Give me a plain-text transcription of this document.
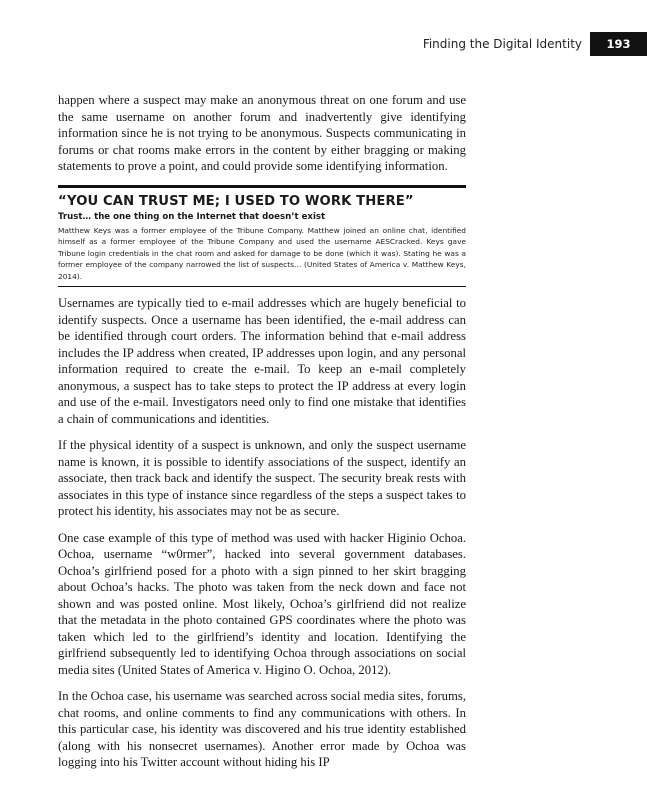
Finding the Digital Identity	193

happen where a suspect may make an anonymous threat on one forum and use the same username on another forum and inadvertently give identifying information since he is not trying to be anonymous. Suspects communicating in forums or chat rooms make errors in the content by either bragging or making statements to prove a point, and could provide some identifying information.

“YOU CAN TRUST ME; I USED TO WORK THERE”

Trust… the one thing on the Internet that doesn’t exist

Matthew Keys was a former employee of the Tribune Company. Matthew joined an online chat, identified himself as a former employee of the Tribune Company and used the username AESCracked. Keys gave Tribune login credentials in the chat room and asked for damage to be done (which it was). Stating he was a former employee of the company narrowed the list of suspects… (United States of America v. Matthew Keys, 2014).

Usernames are typically tied to e-mail addresses which are hugely beneficial to identify suspects. Once a username has been identified, the e-mail address can be identified through court orders. The information behind that e-mail address includes the IP address when created, IP addresses upon login, and any personal information required to create the e-mail. To keep an e-mail completely anonymous, a suspect has to take steps to protect the IP address at every login and use of the e-mail. Investigators need only to find one mistake that identifies a chain of communications and identities.

If the physical identity of a suspect is unknown, and only the suspect username name is known, it is possible to identify associations of the suspect, identify an associate, then track back and identify the suspect. The security break rests with associates in this type of instance since regardless of the steps a suspect takes to protect his identity, his associates may not be as secure.

One case example of this type of method was used with hacker Higinio Ochoa. Ochoa, username “w0rmer”, hacked into several government databases. Ochoa’s girlfriend posed for a photo with a sign pinned to her skirt bragging about Ochoa’s hacks. The photo was taken from the neck down and face not shown and was posted online. Most likely, Ochoa’s girlfriend did not realize that the metadata in the photo contained GPS coordinates where the photo was taken which led to the girlfriend’s identity and location. Identifying the girlfriend subsequently led to identifying Ochoa through associations on social media sites (United States of America v. Higino O. Ochoa, 2012).

In the Ochoa case, his username was searched across social media sites, forums, chat rooms, and online comments to find any communications with others. In this particular case, his identity was discovered and his true identity established (along with his nonsecret usernames). Another error made by Ochoa was logging into his Twitter account without hiding his IP
